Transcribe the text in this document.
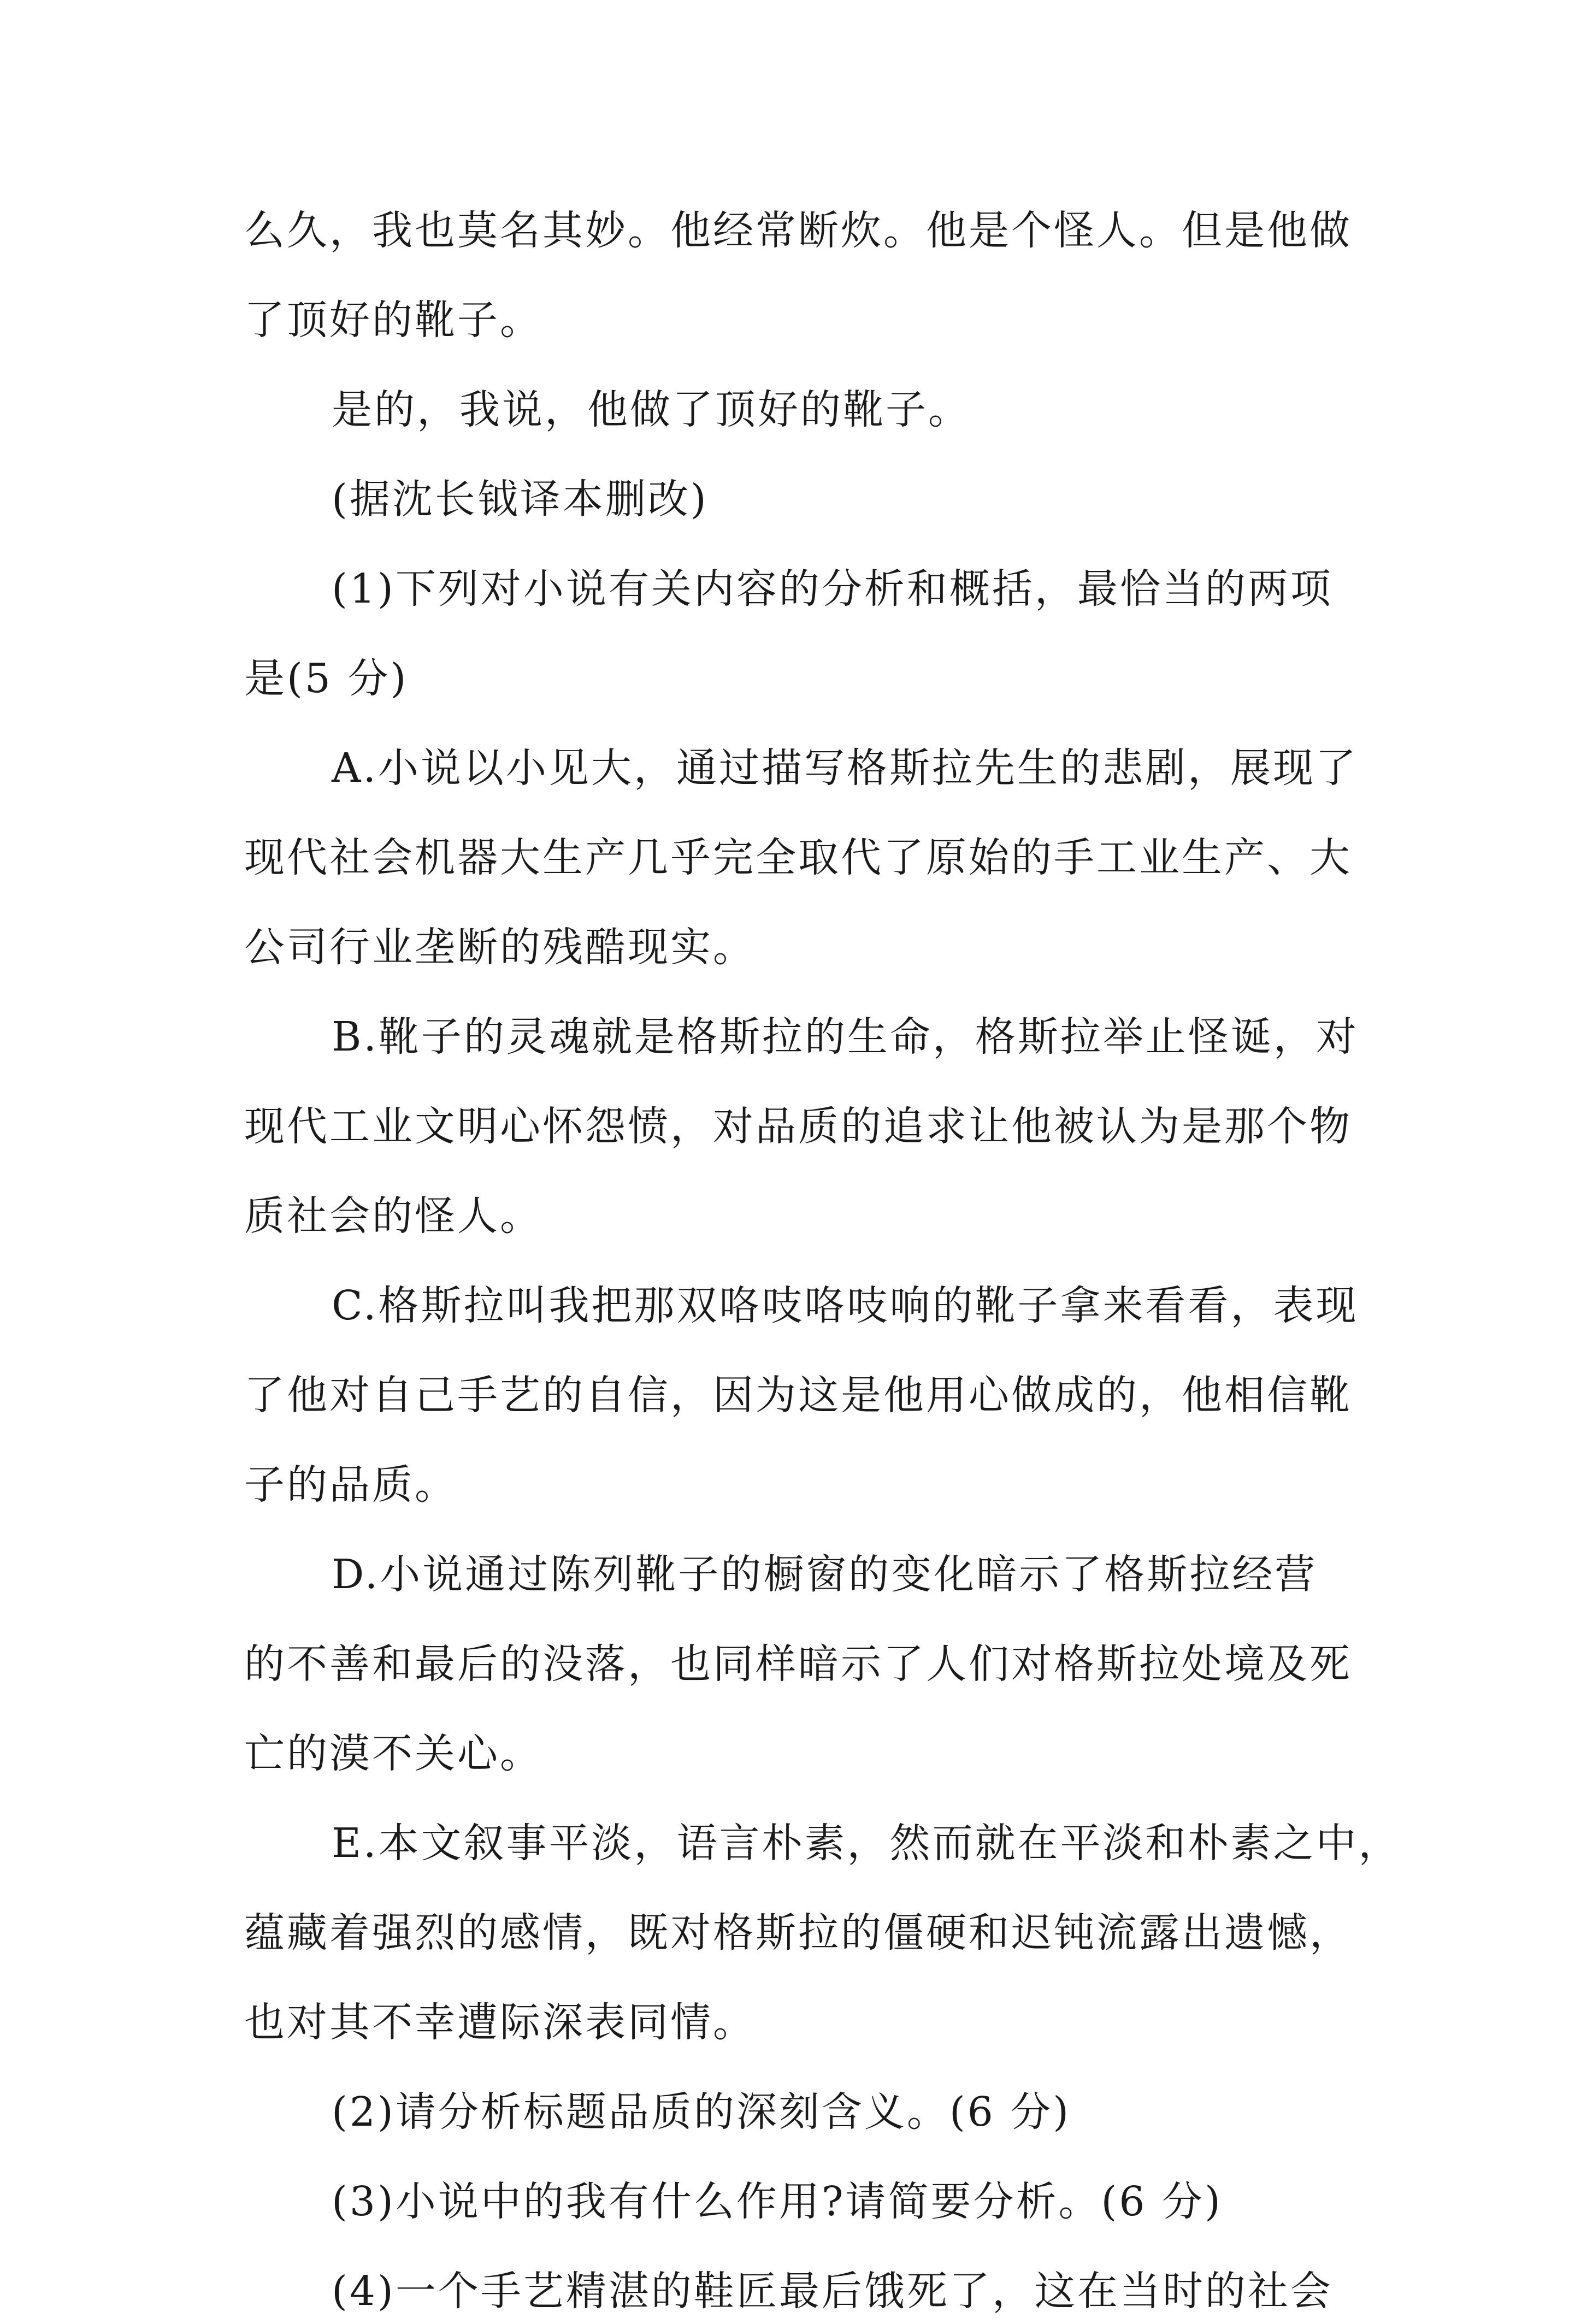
么久，我也莫名其妙。他经常断炊。他是个怪人。但是他做
了顶好的靴子。
是的，我说，他做了顶好的靴子。
(据沈长钺译本删改)
(1)下列对小说有关内容的分析和概括，最恰当的两项
是(5 分)
A.小说以小见大，通过描写格斯拉先生的悲剧，展现了
现代社会机器大生产几乎完全取代了原始的手工业生产、大
公司行业垄断的残酷现实。
B.靴子的灵魂就是格斯拉的生命，格斯拉举止怪诞，对
现代工业文明心怀怨愤，对品质的追求让他被认为是那个物
质社会的怪人。
C.格斯拉叫我把那双咯吱咯吱响的靴子拿来看看，表现
了他对自己手艺的自信，因为这是他用心做成的，他相信靴
子的品质。
D.小说通过陈列靴子的橱窗的变化暗示了格斯拉经营
的不善和最后的没落，也同样暗示了人们对格斯拉处境及死
亡的漠不关心。
E.本文叙事平淡，语言朴素，然而就在平淡和朴素之中，
蕴藏着强烈的感情，既对格斯拉的僵硬和迟钝流露出遗憾，
也对其不幸遭际深表同情。
(2)请分析标题品质的深刻含义。(6 分)
(3)小说中的我有什么作用?请简要分析。(6 分)
(4)一个手艺精湛的鞋匠最后饿死了，这在当时的社会
